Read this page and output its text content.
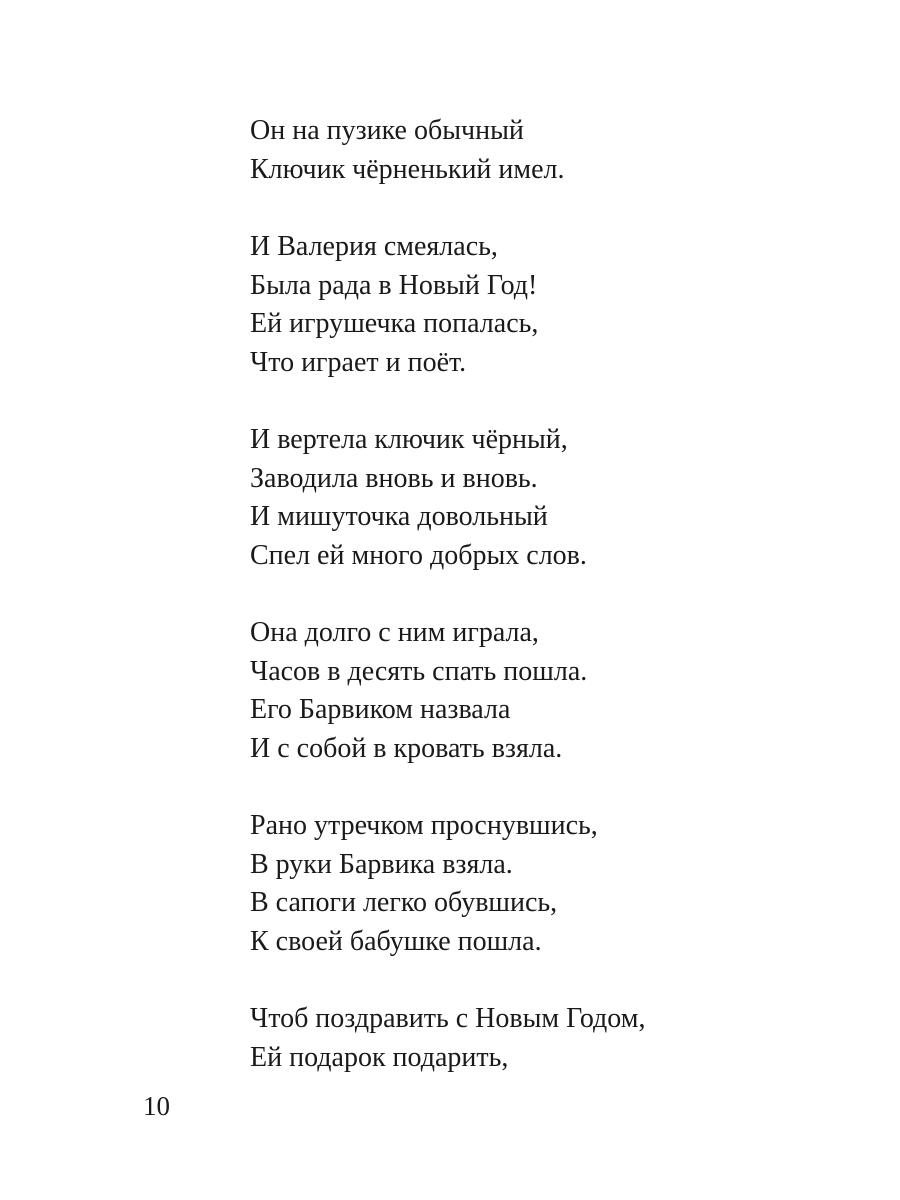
Он на пузике обычный
Ключик чёрненький имел.
И Валерия смеялась,
Была рада в Новый Год!
Ей игрушечка попалась,
Что играет и поёт.
И вертела ключик чёрный,
Заводила вновь и вновь.
И мишуточка довольный
Спел ей много добрых слов.
Она долго с ним играла,
Часов в десять спать пошла.
Его Барвиком назвала
И с собой в кровать взяла.
Рано утречком проснувшись,
В руки Барвика взяла.
В сапоги легко обувшись,
К своей бабушке пошла.
Чтоб поздравить с Новым Годом,
Ей подарок подарить,
10
